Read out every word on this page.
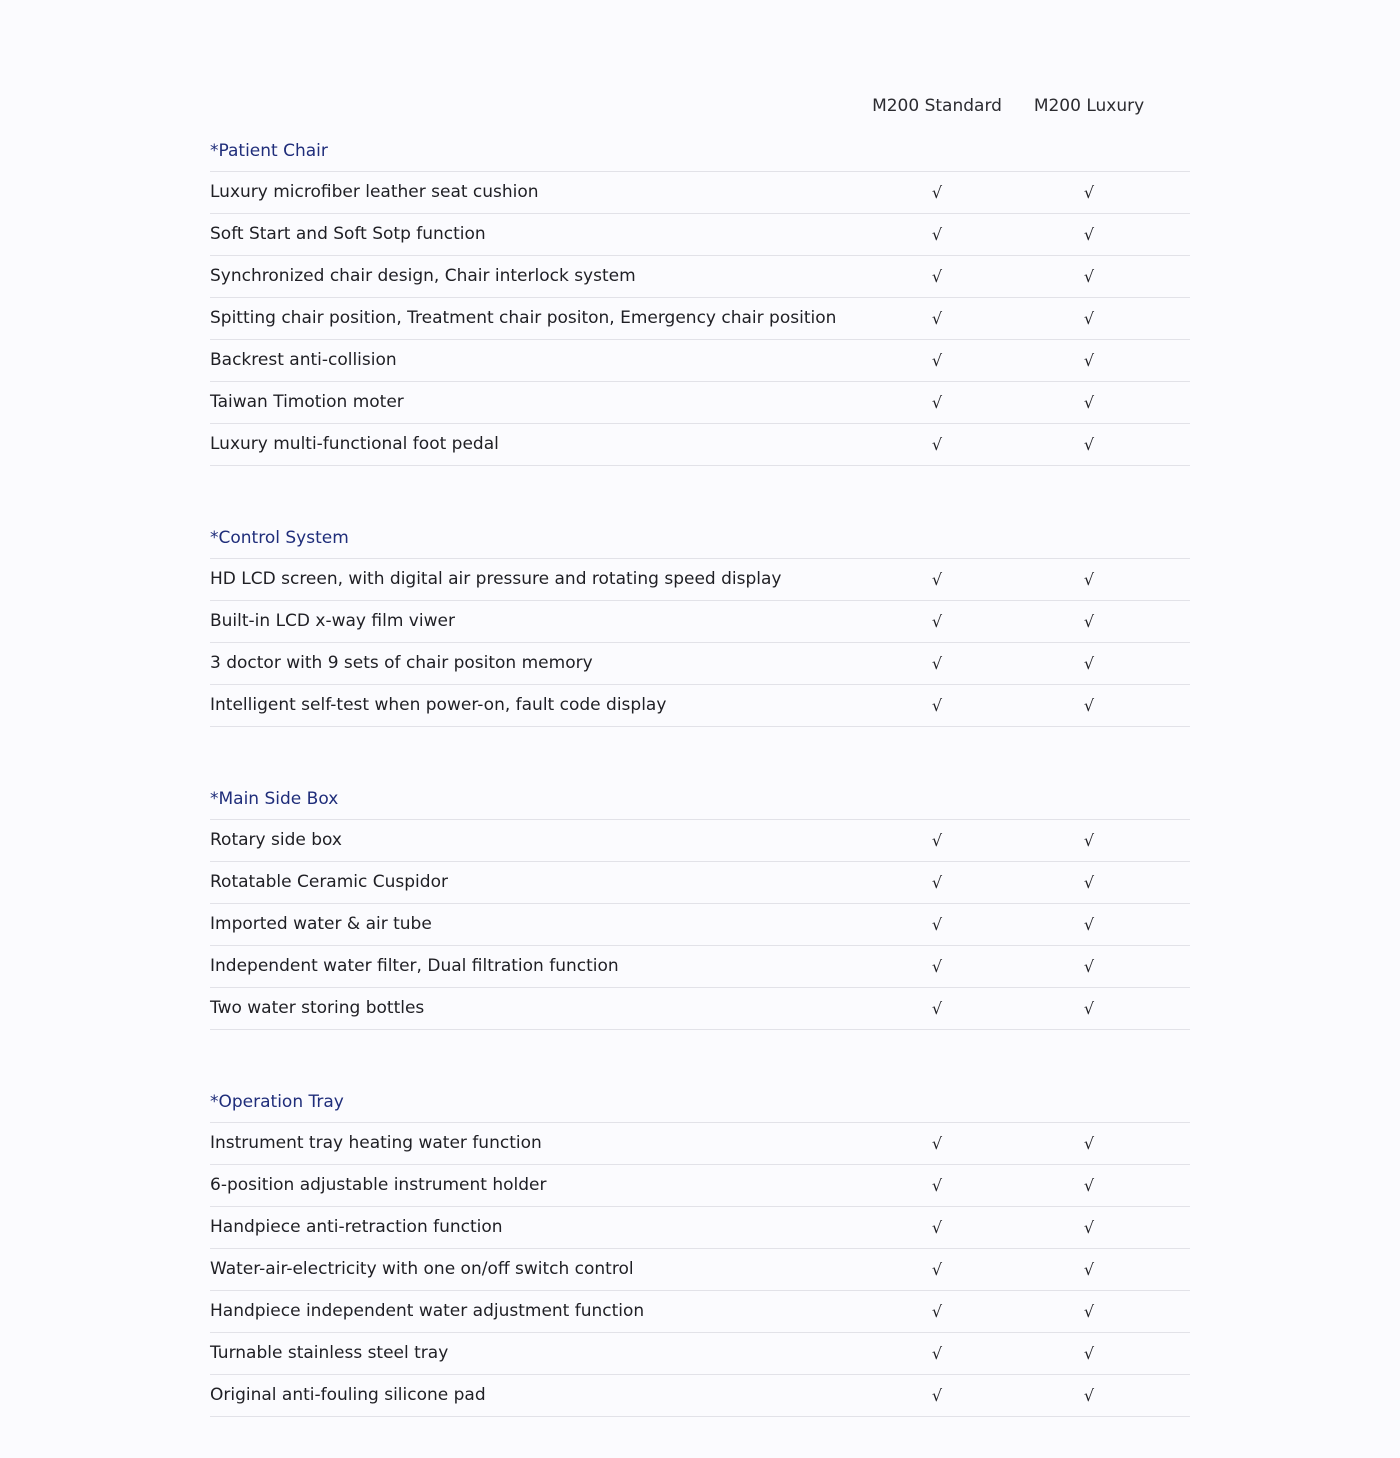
M200 Standard M200 Luxury
*Patient Chair
Luxury microfiber leather seat cushion	√	√
Soft Start and Soft Sotp function	√	√
Synchronized chair design, Chair interlock system	√	√
Spitting chair position, Treatment chair positon, Emergency chair position	√	√
Backrest anti-collision	√	√
Taiwan Timotion moter	√	√
Luxury multi-functional foot pedal	√	√
*Control System
HD LCD screen, with digital air pressure and rotating speed display	√	√
Built-in LCD x-way film viwer	√	√
3 doctor with 9 sets of chair positon memory	√	√
Intelligent self-test when power-on, fault code display	√	√
*Main Side Box
Rotary side box	√	√
Rotatable Ceramic Cuspidor	√	√
Imported water & air tube	√	√
Independent water filter, Dual filtration function	√	√
Two water storing bottles	√	√
*Operation Tray
Instrument tray heating water function	√	√
6-position adjustable instrument holder	√	√
Handpiece anti-retraction function	√	√
Water-air-electricity with one on/off switch control	√	√
Handpiece independent water adjustment function	√	√
Turnable stainless steel tray	√	√
Original anti-fouling silicone pad	√	√
